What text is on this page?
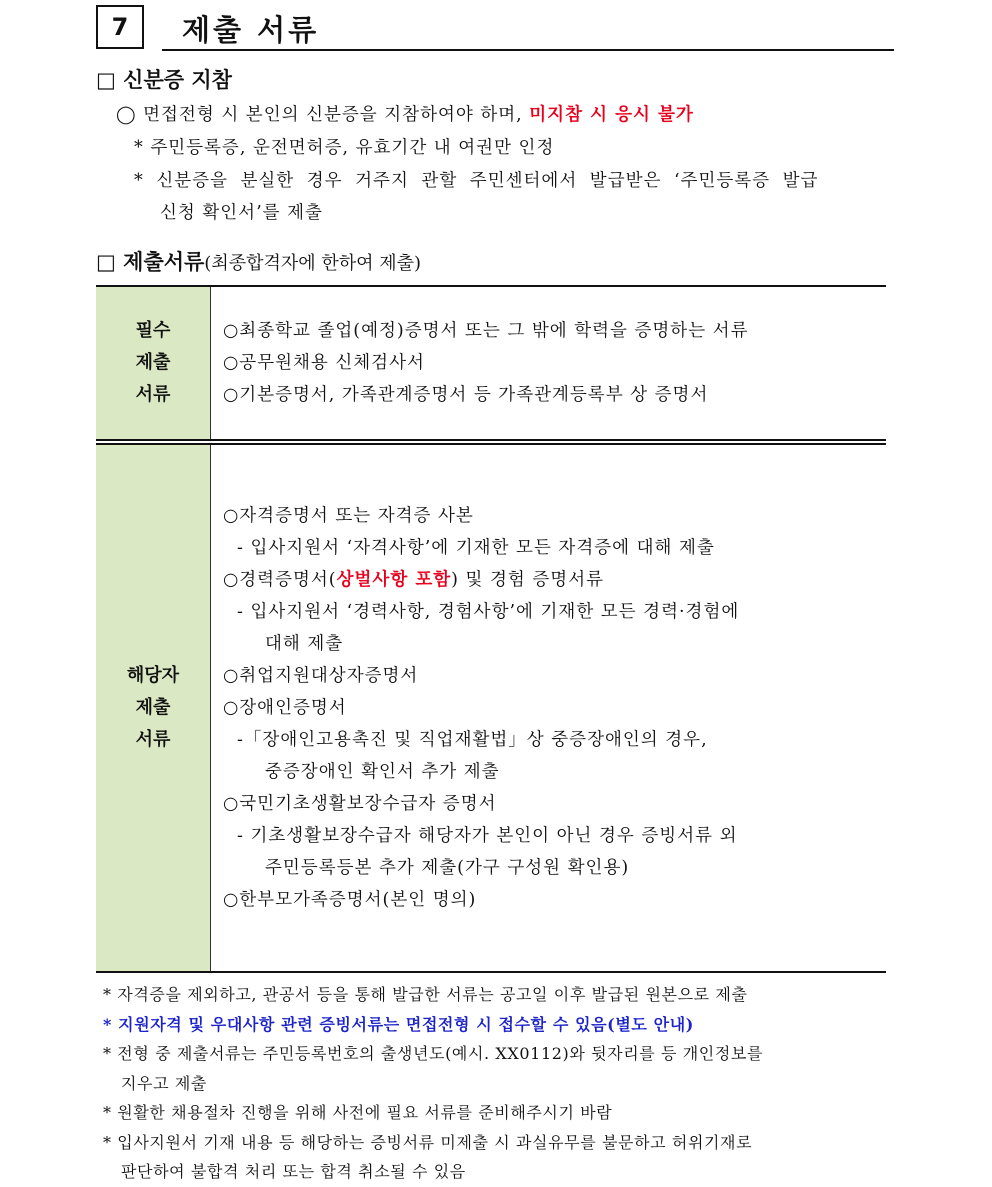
7	제출 서류
□ 신분증 지참
◯ 면접전형 시 본인의 신분증을 지참하여야 하며, 미지참 시 응시 불가
* 주민등록증, 운전면허증, 유효기간 내 여권만 인정
* 신분증을 분실한 경우 거주지 관할 주민센터에서 발급받은 ‘주민등록증 발급
신청 확인서’를 제출
□ 제출서류(최종합격자에 한하여 제출)
필수
제출
서류
○최종학교 졸업(예정)증명서 또는 그 밖에 학력을 증명하는 서류
○공무원채용 신체검사서
○기본증명서, 가족관계증명서 등 가족관계등록부 상 증명서
해당자
제출
서류
○자격증명서 또는 자격증 사본
- 입사지원서 ‘자격사항’에 기재한 모든 자격증에 대해 제출
○경력증명서(상벌사항 포함) 및 경험 증명서류
- 입사지원서 ‘경력사항, 경험사항’에 기재한 모든 경력·경험에
대해 제출
○취업지원대상자증명서
○장애인증명서
-「장애인고용촉진 및 직업재활법」상 중증장애인의 경우,
중증장애인 확인서 추가 제출
○국민기초생활보장수급자 증명서
- 기초생활보장수급자 해당자가 본인이 아닌 경우 증빙서류 외
주민등록등본 추가 제출(가구 구성원 확인용)
○한부모가족증명서(본인 명의)
* 자격증을 제외하고, 관공서 등을 통해 발급한 서류는 공고일 이후 발급된 원본으로 제출
* 지원자격 및 우대사항 관련 증빙서류는 면접전형 시 접수할 수 있음(별도 안내)
* 전형 중 제출서류는 주민등록번호의 출생년도(예시. XX0112)와 뒷자리를 등 개인정보를
지우고 제출
* 원활한 채용절차 진행을 위해 사전에 필요 서류를 준비해주시기 바람
* 입사지원서 기재 내용 등 해당하는 증빙서류 미제출 시 과실유무를 불문하고 허위기재로
판단하여 불합격 처리 또는 합격 취소될 수 있음
